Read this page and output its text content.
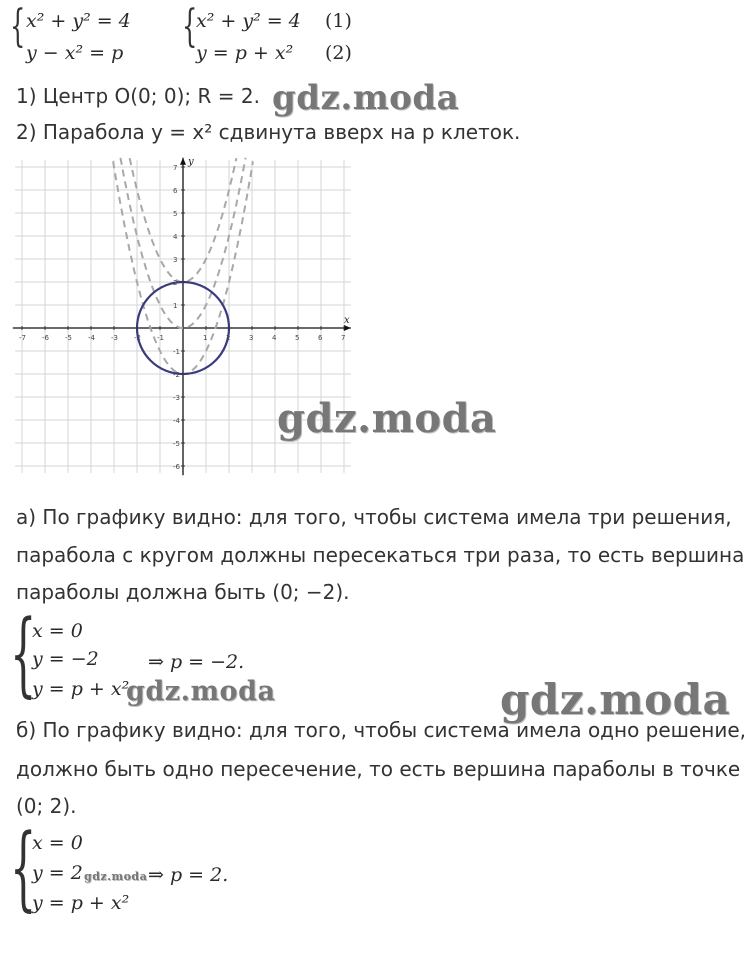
{ x² + y² = 4
y − x² = p
{
x² + y² = 4
y = p + x²
(1)
(2)
1) Центр O(0; 0); R = 2. gdz.moda
2) Парабола y = x² сдвинута вверх на p клеток.
x
y
-7 -6 -5 -4 -3 -2 -1	1	2	3	4	5	6	7
1
2
3
4
5
6
7
-1
-2
-3
-4
-5
-6
gdz.moda
а) По графику видно: для того, чтобы система имела три решения,
парабола с кругом должны пересекаться три раза, то есть вершина
параболы должна быть (0; −2).
{
x = 0
y = −2
y = p + x²
⇒ p = −2.
gdz.moda	gdz.moda
б) По графику видно: для того, чтобы система имела одно решение,
должно быть одно пересечение, то есть вершина параболы в точке
(0; 2).
{
x = 0
y = 2
y = p + x²
⇒ p = 2.
gdz.moda
